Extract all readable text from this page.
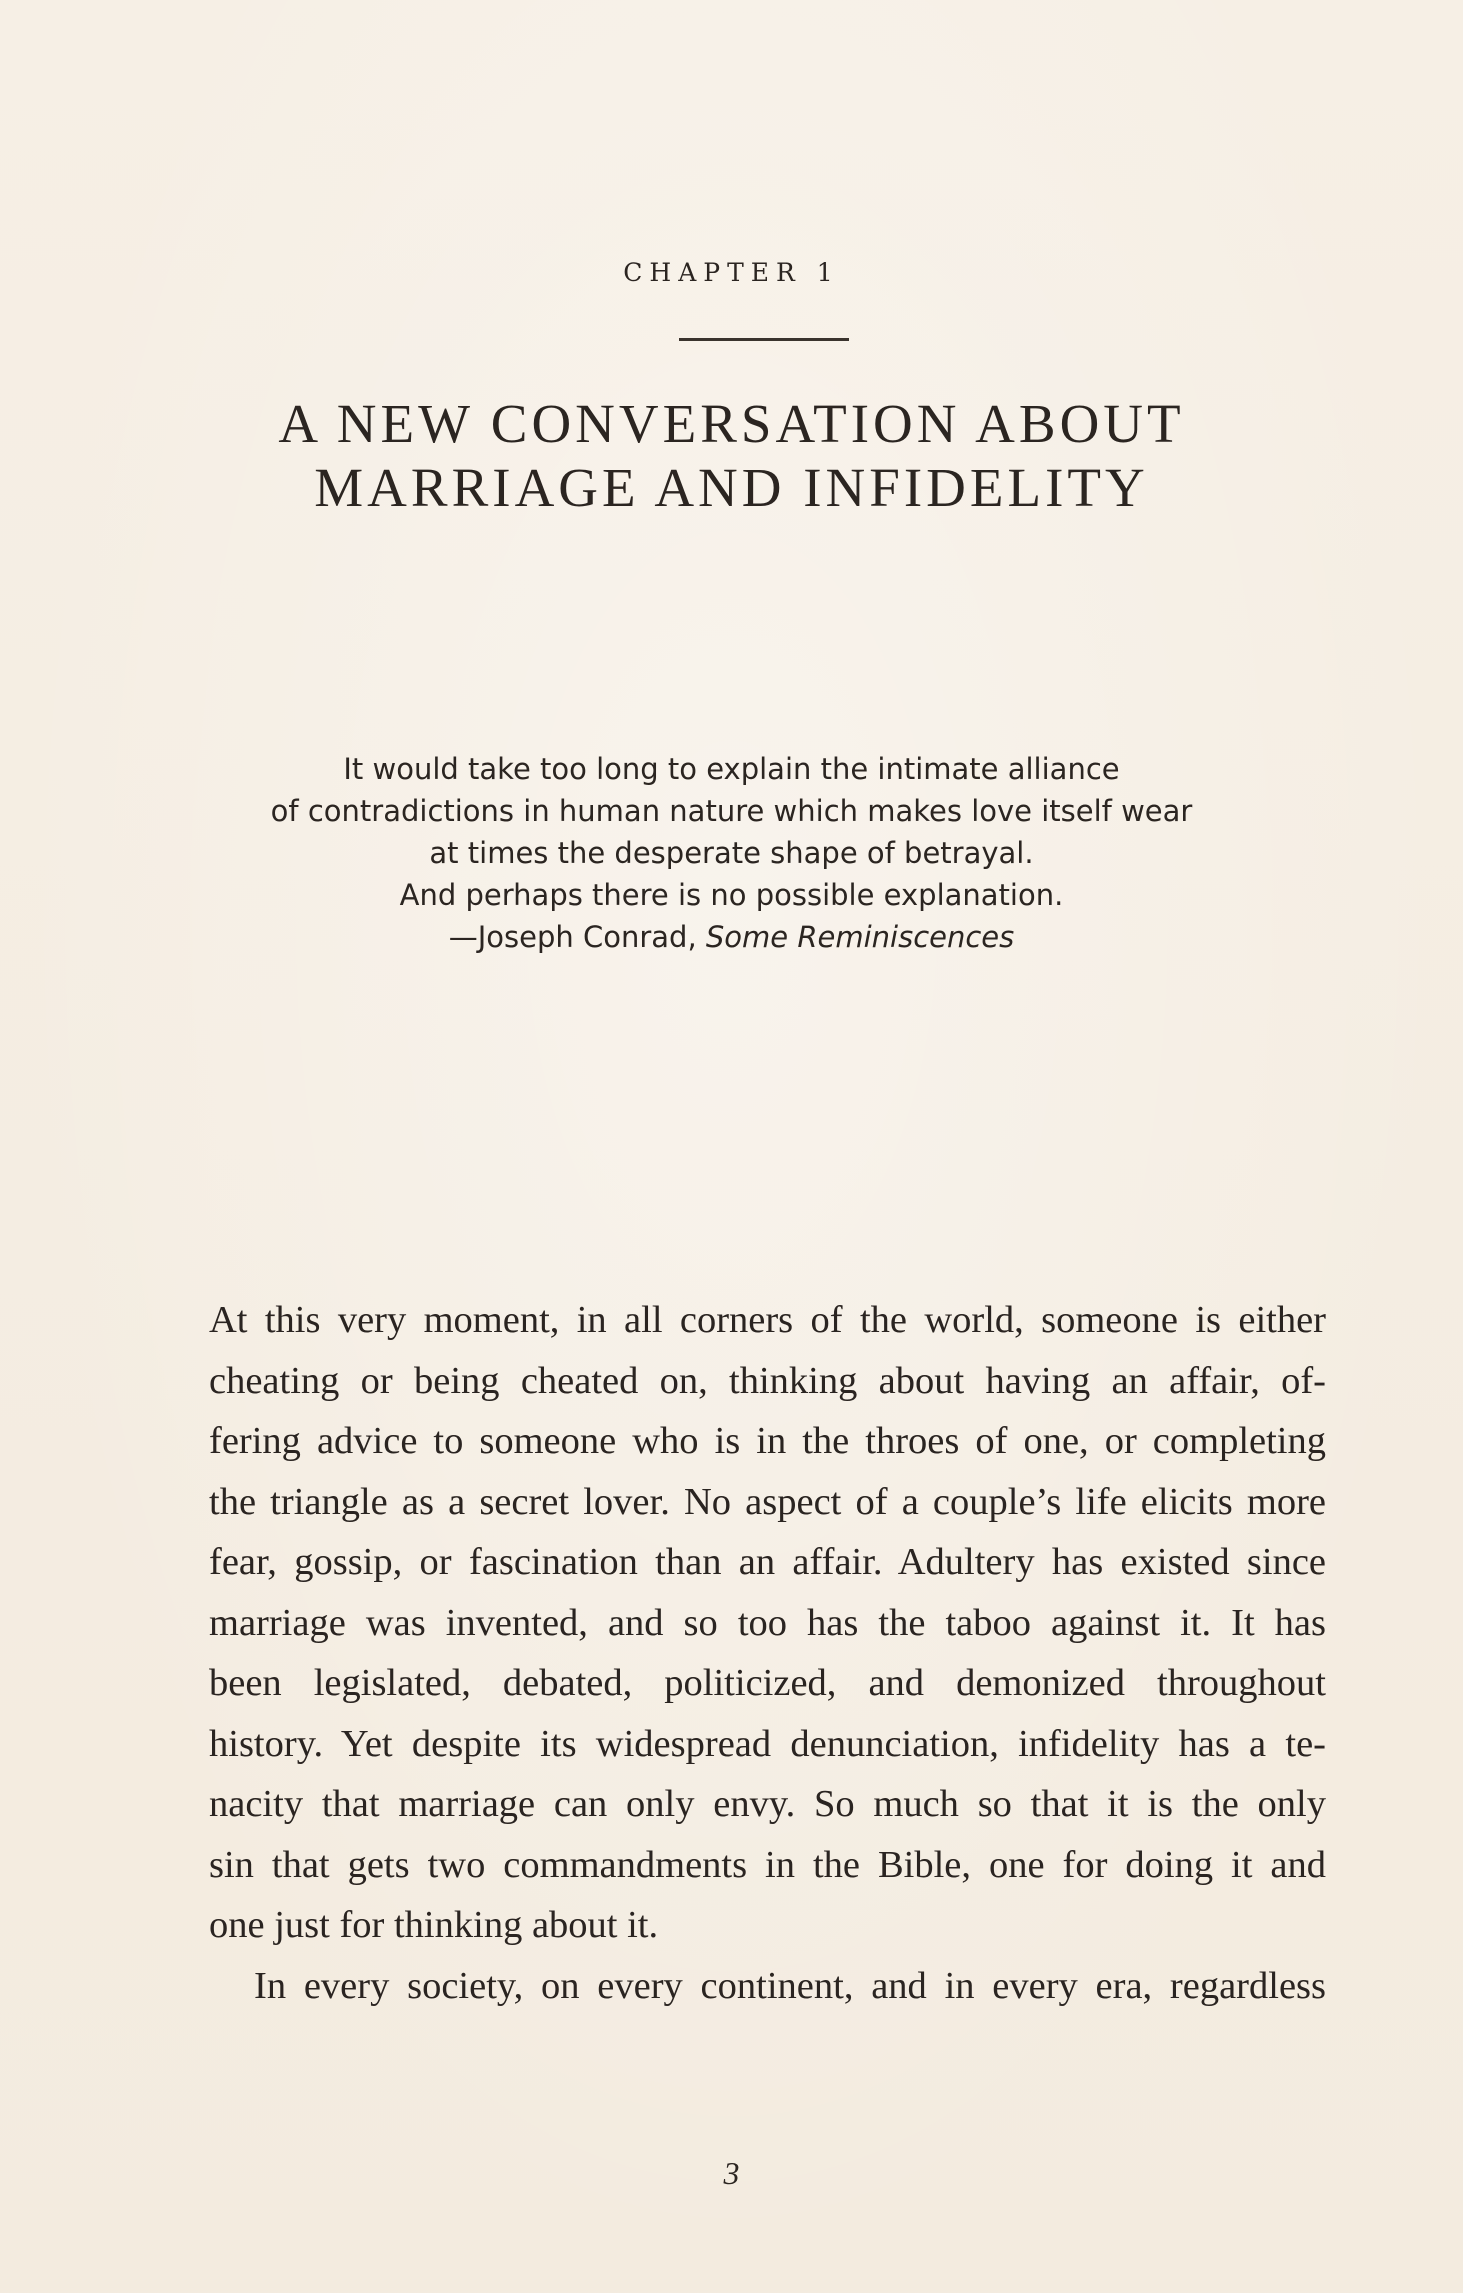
CHAPTER 1
A NEW CONVERSATION ABOUT
MARRIAGE AND INFIDELITY
It would take too long to explain the intimate alliance
of contradictions in human nature which makes love itself wear
at times the desperate shape of betrayal.
And perhaps there is no possible explanation.
—Joseph Conrad, Some Reminiscences
At this very moment, in all corners of the world, someone is either
cheating or being cheated on, thinking about having an affair, of-
fering advice to someone who is in the throes of one, or completing
the triangle as a secret lover. No aspect of a couple’s life elicits more
fear, gossip, or fascination than an affair. Adultery has existed since
marriage was invented, and so too has the taboo against it. It has
been legislated, debated, politicized, and demonized throughout
history. Yet despite its widespread denunciation, infidelity has a te-
nacity that marriage can only envy. So much so that it is the only
sin that gets two commandments in the Bible, one for doing it and
one just for thinking about it.
In every society, on every continent, and in every era, regardless
3
